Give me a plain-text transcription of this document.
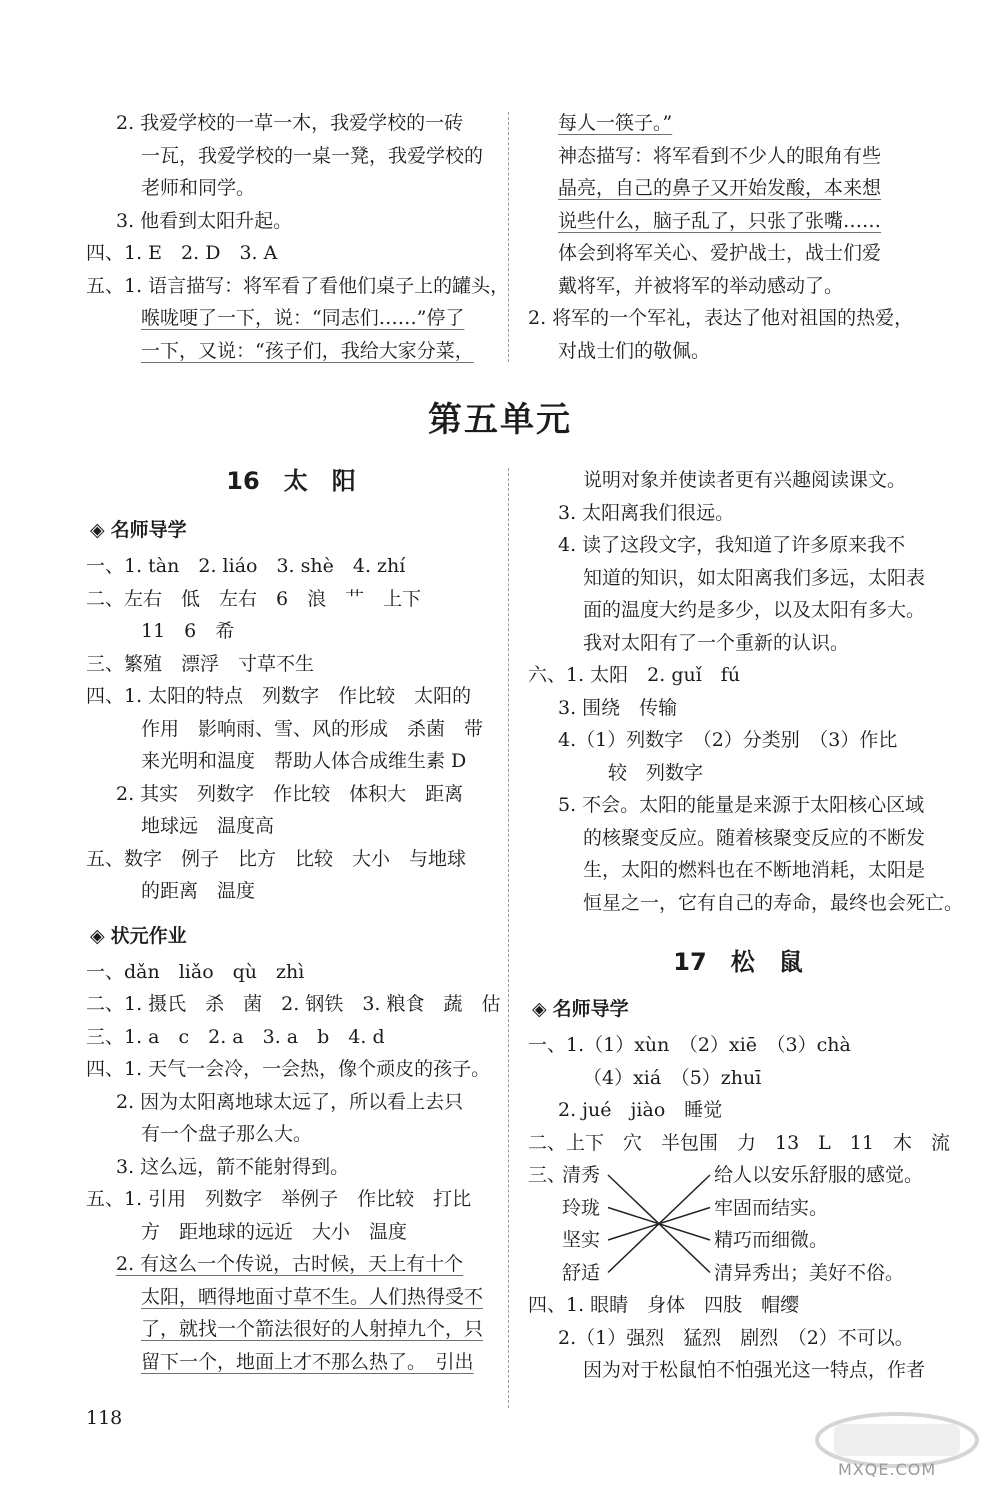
2. 我爱学校的一草一木，我爱学校的一砖
一瓦，我爱学校的一桌一凳，我爱学校的
老师和同学。
3. 他看到太阳升起。
四、1. E　2. D　3. A
五、1. 语言描写：将军看了看他们桌子上的罐头，
喉咙哽了一下，说：“同志们……”停了
一下，又说：“孩子们，我给大家分菜，
每人一筷子。”
神态描写：将军看到不少人的眼角有些
晶亮，自己的鼻子又开始发酸，本来想
说些什么，脑子乱了，只张了张嘴……
体会到将军关心、爱护战士，战士们爱
戴将军，并被将军的举动感动了。
2. 将军的一个军礼，表达了他对祖国的热爱，
对战士们的敬佩。
第五单元
16　太　阳
◈ 名师导学
一、1. tàn　2. liáo　3. shè　4. zhí
二、左右　低　左右　6　浪　艹　上下
11　6　希
三、繁殖　漂浮　寸草不生
四、1. 太阳的特点　列数字　作比较　太阳的
作用　影响雨、雪、风的形成　杀菌　带
来光明和温度　帮助人体合成维生素 D
2. 其实　列数字　作比较　体积大　距离
地球远　温度高
五、数字　例子　比方　比较　大小　与地球
的距离　温度
◈ 状元作业
一、dǎn　liǎo　qù　zhì
二、1. 摄氏　杀　菌　2. 钢铁　3. 粮食　蔬　估
三、1. a　c　2. a　3. a　b　4. d
四、1. 天气一会冷，一会热，像个顽皮的孩子。
2. 因为太阳离地球太远了，所以看上去只
有一个盘子那么大。
3. 这么远，箭不能射得到。
五、1. 引用　列数字　举例子　作比较　打比
方　距地球的远近　大小　温度
2. 有这么一个传说，古时候，天上有十个
太阳，晒得地面寸草不生。人们热得受不
了，就找一个箭法很好的人射掉九个，只
留下一个，地面上才不那么热了。　引出
说明对象并使读者更有兴趣阅读课文。
3. 太阳离我们很远。
4. 读了这段文字，我知道了许多原来我不
知道的知识，如太阳离我们多远，太阳表
面的温度大约是多少，以及太阳有多大。
我对太阳有了一个重新的认识。
六、1. 太阳　2. guǐ　fú
3. 围绕　传输
4.（1）列数字　（2）分类别　（3）作比
较　列数字
5. 不会。太阳的能量是来源于太阳核心区域
的核聚变反应。随着核聚变反应的不断发
生，太阳的燃料也在不断地消耗，太阳是
恒星之一，它有自己的寿命，最终也会死亡。
17　松　鼠
◈ 名师导学
一、1.（1）xùn　（2）xiē　（3）chà
（4）xiá　（5）zhuī
2. jué　jiào　睡觉
二、上下　穴　半包围　力　13　L　11　木　流
三、
清秀
玲珑
坚实
舒适
给人以安乐舒服的感觉。
牢固而结实。
精巧而细微。
清异秀出；美好不俗。
四、1. 眼睛　身体　四肢　帽缨
2.（1）强烈　猛烈　剧烈　（2）不可以。
因为对于松鼠怕不怕强光这一特点，作者
118
MXQE.COM
